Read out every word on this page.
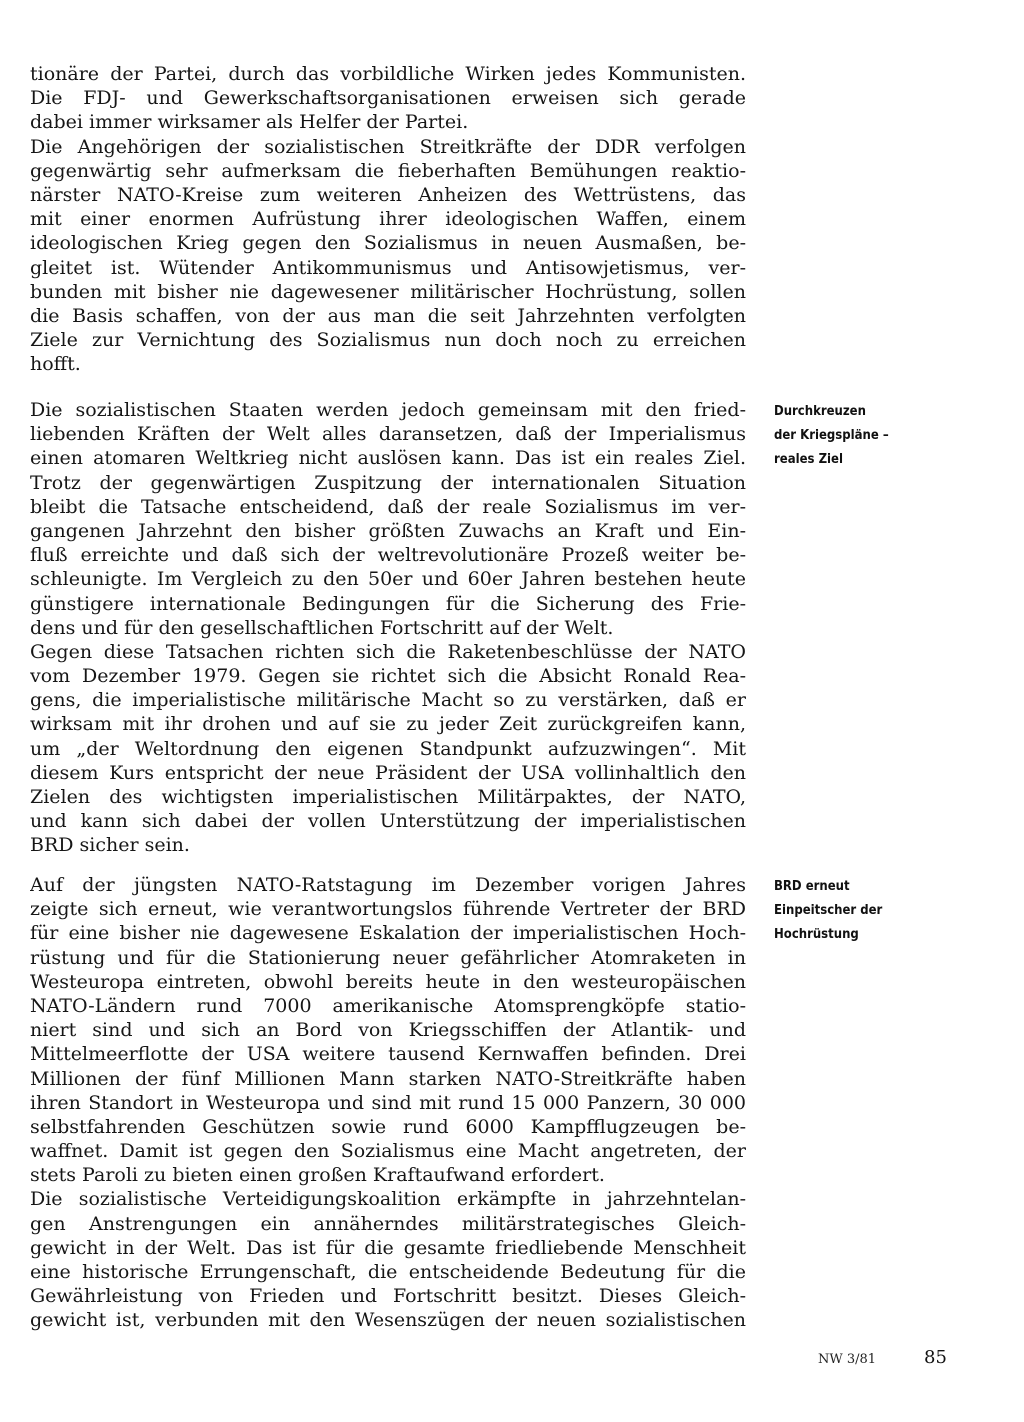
tionäre der Partei, durch das vorbildliche Wirken jedes Kommunisten.
Die FDJ- und Gewerkschaftsorganisationen erweisen sich gerade
dabei immer wirksamer als Helfer der Partei.
Die Angehörigen der sozialistischen Streitkräfte der DDR verfolgen
gegenwärtig sehr aufmerksam die fieberhaften Bemühungen reaktio-
närster NATO-Kreise zum weiteren Anheizen des Wettrüstens, das
mit einer enormen Aufrüstung ihrer ideologischen Waffen, einem
ideologischen Krieg gegen den Sozialismus in neuen Ausmaßen, be-
gleitet ist. Wütender Antikommunismus und Antisowjetismus, ver-
bunden mit bisher nie dagewesener militärischer Hochrüstung, sollen
die Basis schaffen, von der aus man die seit Jahrzehnten verfolgten
Ziele zur Vernichtung des Sozialismus nun doch noch zu erreichen
hofft.
Die sozialistischen Staaten werden jedoch gemeinsam mit den fried-
liebenden Kräften der Welt alles daransetzen, daß der Imperialismus
einen atomaren Weltkrieg nicht auslösen kann. Das ist ein reales Ziel.
Trotz der gegenwärtigen Zuspitzung der internationalen Situation
bleibt die Tatsache entscheidend, daß der reale Sozialismus im ver-
gangenen Jahrzehnt den bisher größten Zuwachs an Kraft und Ein-
fluß erreichte und daß sich der weltrevolutionäre Prozeß weiter be-
schleunigte. Im Vergleich zu den 50er und 60er Jahren bestehen heute
günstigere internationale Bedingungen für die Sicherung des Frie-
dens und für den gesellschaftlichen Fortschritt auf der Welt.
Gegen diese Tatsachen richten sich die Raketenbeschlüsse der NATO
vom Dezember 1979. Gegen sie richtet sich die Absicht Ronald Rea-
gens, die imperialistische militärische Macht so zu verstärken, daß er
wirksam mit ihr drohen und auf sie zu jeder Zeit zurückgreifen kann,
um „der Weltordnung den eigenen Standpunkt aufzuzwingen“. Mit
diesem Kurs entspricht der neue Präsident der USA vollinhaltlich den
Zielen des wichtigsten imperialistischen Militärpaktes, der NATO,
und kann sich dabei der vollen Unterstützung der imperialistischen
BRD sicher sein.
Auf der jüngsten NATO-Ratstagung im Dezember vorigen Jahres
zeigte sich erneut, wie verantwortungslos führende Vertreter der BRD
für eine bisher nie dagewesene Eskalation der imperialistischen Hoch-
rüstung und für die Stationierung neuer gefährlicher Atomraketen in
Westeuropa eintreten, obwohl bereits heute in den westeuropäischen
NATO-Ländern rund 7000 amerikanische Atomsprengköpfe statio-
niert sind und sich an Bord von Kriegsschiffen der Atlantik- und
Mittelmeerflotte der USA weitere tausend Kernwaffen befinden. Drei
Millionen der fünf Millionen Mann starken NATO-Streitkräfte haben
ihren Standort in Westeuropa und sind mit rund 15 000 Panzern, 30 000
selbstfahrenden Geschützen sowie rund 6000 Kampfflugzeugen be-
waffnet. Damit ist gegen den Sozialismus eine Macht angetreten, der
stets Paroli zu bieten einen großen Kraftaufwand erfordert.
Die sozialistische Verteidigungskoalition erkämpfte in jahrzehntelan-
gen Anstrengungen ein annäherndes militärstrategisches Gleich-
gewicht in der Welt. Das ist für die gesamte friedliebende Menschheit
eine historische Errungenschaft, die entscheidende Bedeutung für die
Gewährleistung von Frieden und Fortschritt besitzt. Dieses Gleich-
gewicht ist, verbunden mit den Wesenszügen der neuen sozialistischen
Durchkreuzen
der Kriegspläne –
reales Ziel
BRD erneut
Einpeitscher der
Hochrüstung
NW 3/81	85
